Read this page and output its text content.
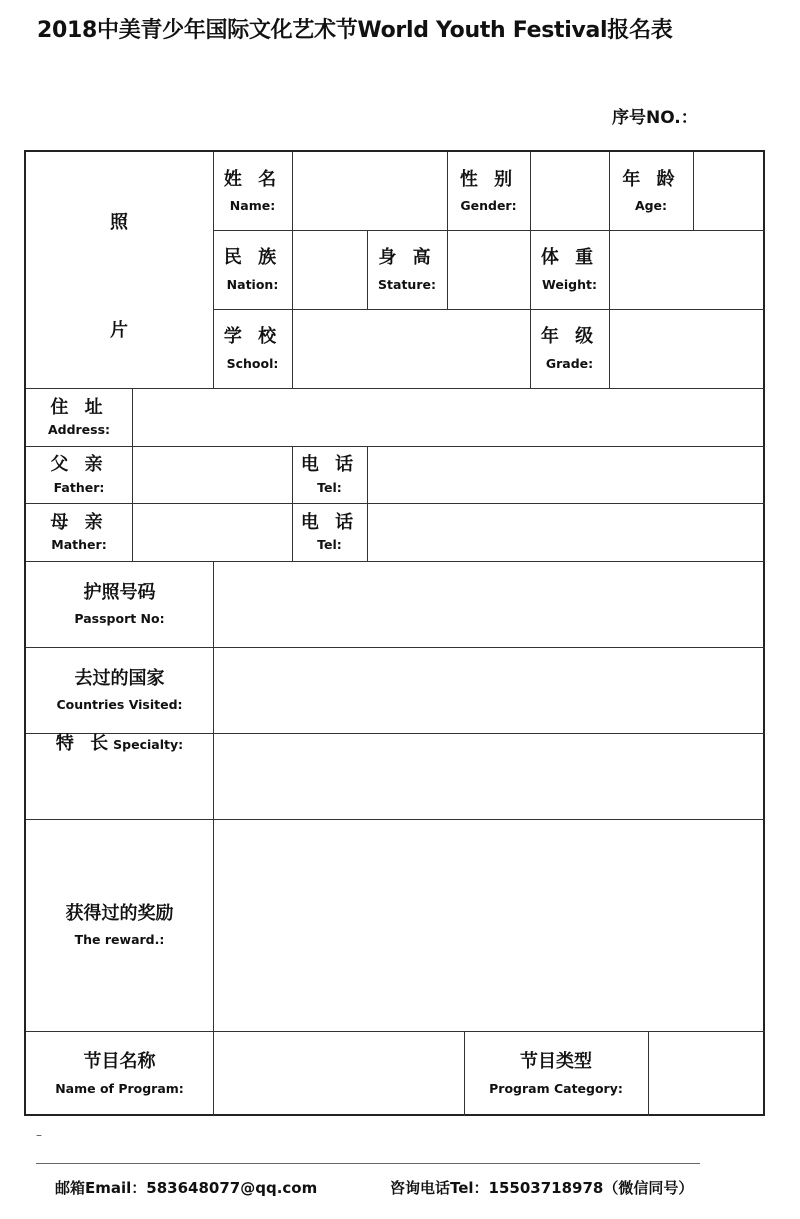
2018中美青少年国际文化艺术节World Youth Festival报名表
序号NO.：
照
片
姓 名
Name:
性 别
Gender:
年 龄
Age:
民 族
Nation:
身 高
Stature:
体 重
Weight:
学 校
School:
年 级
Grade:
住 址
Address:
父 亲
Father:
电 话
Tel:
母 亲
Mather:
电 话
Tel:
护照号码
Passport No:
去过的国家
Countries Visited:
特 长 Specialty:
获得过的奖励
The reward.:
节目名称
Name of Program:
节目类型
Program Category:
–
邮箱Email：583648077@qq.com	咨询电话Tel：15503718978（微信同号）
